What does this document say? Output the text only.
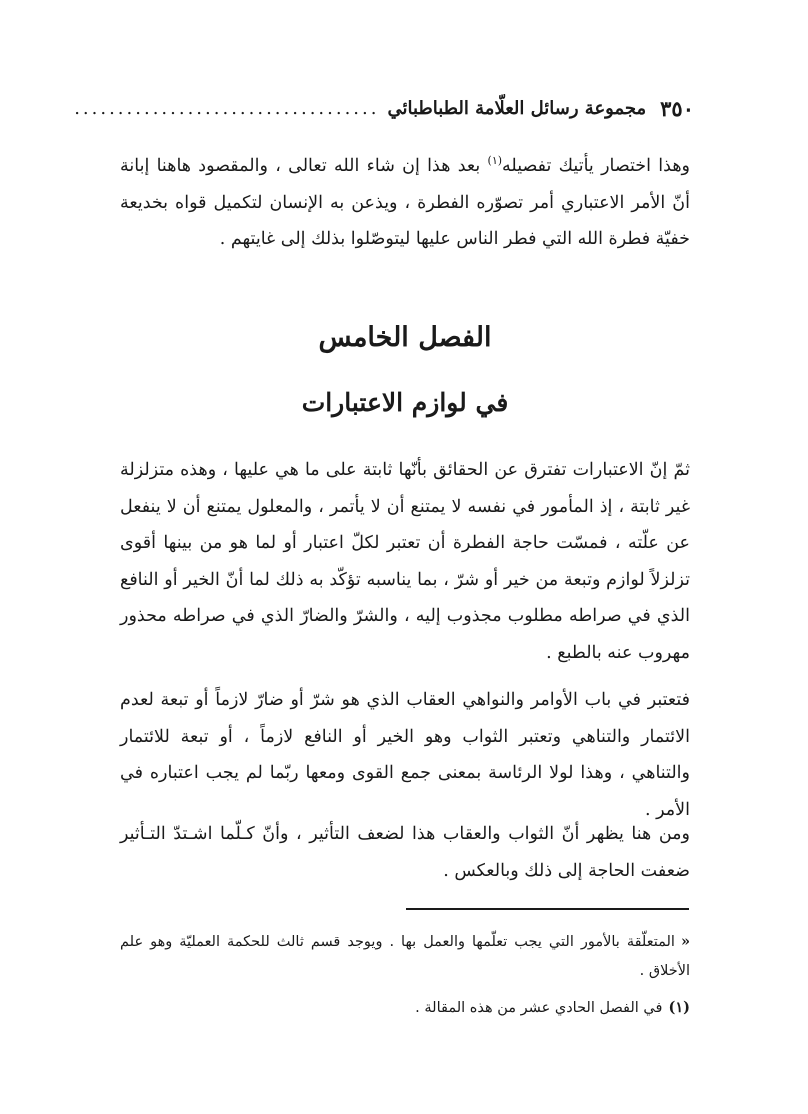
٣٥٠
مجموعة رسائل العلّامة الطباطبائي
...................................

وهذا اختصار يأتيك تفصيله$^{(١)}$ بعد هذا إن شاء الله تعالى ، والمقصود هاهنا إبانة أنّ الأمر الاعتباري أمر تصوّره الفطرة ، ويذعن به الإنسان لتكميل قواه بخديعة خفيّة فطرة الله التي فطر الناس عليها ليتوصّلوا بذلك إلى غايتهم .

الفصل الخامس
في لوازم الاعتبارات

ثمّ إنّ الاعتبارات تفترق عن الحقائق بأنّها ثابتة على ما هي عليها ، وهذه متزلزلة غير ثابتة ، إذ المأمور في نفسه لا يمتنع أن لا يأتمر ، والمعلول يمتنع أن لا ينفعل عن علّته ، فمسّت حاجة الفطرة أن تعتبر لكلّ اعتبار أو لما هو من بينها أقوى تزلزلاً لوازم وتبعة من خير أو شرّ ، بما يناسبه تؤكّد به ذلك لما أنّ الخير أو النافع الذي في صراطه مطلوب مجذوب إليه ، والشرّ والضارّ الذي في صراطه محذور مهروب عنه بالطبع .

فتعتبر في باب الأوامر والنواهي العقاب الذي هو شرّ أو ضارّ لازماً أو تبعة لعدم الائتمار والتناهي وتعتبر الثواب وهو الخير أو النافع لازماً ، أو تبعة للائتمار والتناهي ، وهذا لولا الرئاسة بمعنى جمع القوى ومعها ربّما لم يجب اعتباره في الأمر .

ومن هنا يظهر أنّ الثواب والعقاب هذا لضعف التأثير ، وأنّ كـلّما اشـتدّ التـأثير ضعفت الحاجة إلى ذلك وبالعكس .

«المتعلّقة بالأمور التي يجب تعلّمها والعمل بها . ويوجد قسم ثالث للحكمة العمليّة وهو علم الأخلاق .

(١)في الفصل الحادي عشر من هذه المقالة .
